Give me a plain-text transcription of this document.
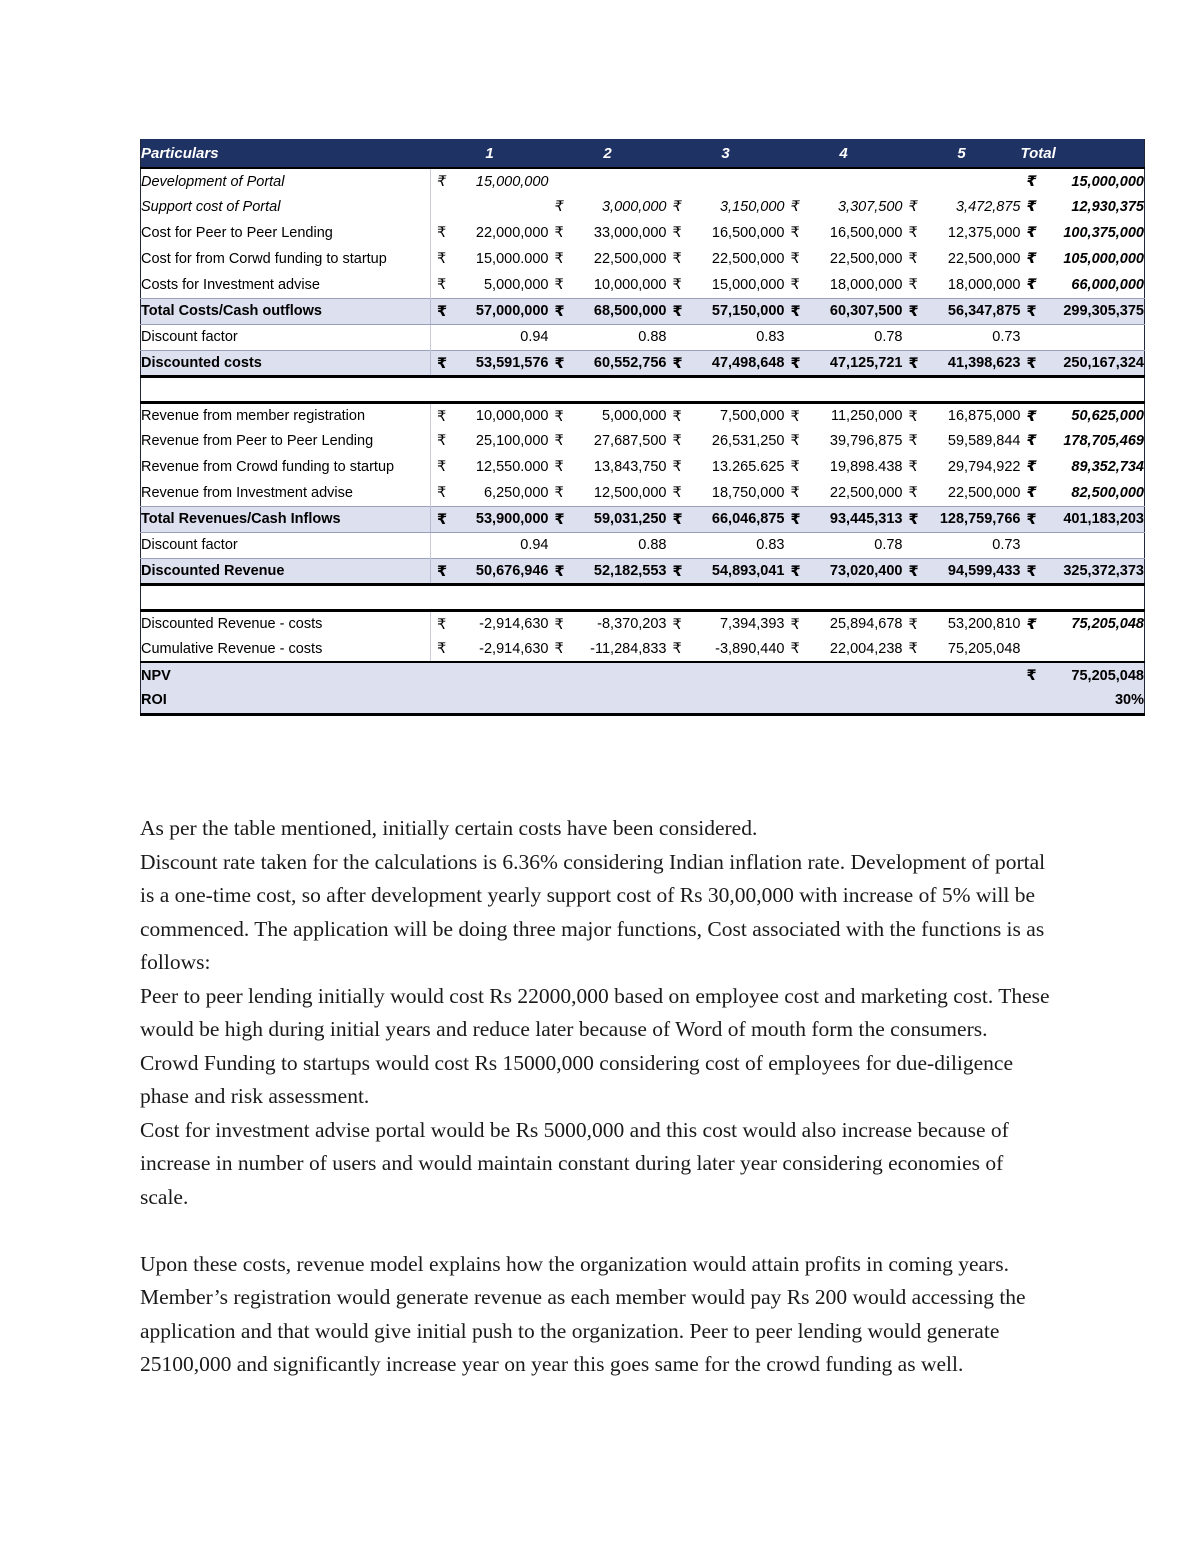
Particulars	1	2	3	4	5	Total
Development of Portal	₹ 15,000,000					₹ 15,000,000
Support cost of Portal		₹ 3,000,000	₹ 3,150,000	₹ 3,307,500	₹ 3,472,875	₹ 12,930,375
Cost for Peer to Peer Lending	₹ 22,000,000	₹ 33,000,000	₹ 16,500,000	₹ 16,500,000	₹ 12,375,000	₹ 100,375,000
Cost for from Corwd funding to startup	₹ 15,000.000	₹ 22,500,000	₹ 22,500,000	₹ 22,500,000	₹ 22,500,000	₹ 105,000,000
Costs for Investment advise	₹ 5,000,000	₹ 10,000,000	₹ 15,000,000	₹ 18,000,000	₹ 18,000,000	₹ 66,000,000
Total Costs/Cash outflows	₹ 57,000,000	₹ 68,500,000	₹ 57,150,000	₹ 60,307,500	₹ 56,347,875	₹ 299,305,375
Discount factor	0.94	0.88	0.83	0.78	0.73	
Discounted costs	₹ 53,591,576	₹ 60,552,756	₹ 47,498,648	₹ 47,125,721	₹ 41,398,623	₹ 250,167,324

Revenue from member registration	₹ 10,000,000	₹ 5,000,000	₹ 7,500,000	₹ 11,250,000	₹ 16,875,000	₹ 50,625,000
Revenue from Peer to Peer Lending	₹ 25,100,000	₹ 27,687,500	₹ 26,531,250	₹ 39,796,875	₹ 59,589,844	₹ 178,705,469
Revenue from Crowd funding to startup	₹ 12,550.000	₹ 13,843,750	₹ 13.265.625	₹ 19,898.438	₹ 29,794,922	₹ 89,352,734
Revenue from Investment advise	₹ 6,250,000	₹ 12,500,000	₹ 18,750,000	₹ 22,500,000	₹ 22,500,000	₹ 82,500,000
Total Revenues/Cash Inflows	₹ 53,900,000	₹ 59,031,250	₹ 66,046,875	₹ 93,445,313	₹ 128,759,766	₹ 401,183,203
Discount factor	0.94	0.88	0.83	0.78	0.73	
Discounted Revenue	₹ 50,676,946	₹ 52,182,553	₹ 54,893,041	₹ 73,020,400	₹ 94,599,433	₹ 325,372,373

Discounted Revenue - costs	₹ -2,914,630	₹ -8,370,203	₹ 7,394,393	₹ 25,894,678	₹ 53,200,810	₹ 75,205,048
Cumulative Revenue - costs	₹ -2,914,630	₹ -11,284,833	₹ -3,890,440	₹ 22,004,238	₹ 75,205,048	
NPV						₹ 75,205,048
ROI						30%

As per the table mentioned, initially certain costs have been considered.

Discount rate taken for the calculations is 6.36% considering Indian inflation rate. Development of portal is a one-time cost, so after development yearly support cost of Rs 30,00,000 with increase of 5% will be commenced. The application will be doing three major functions, Cost associated with the functions is as follows:

Peer to peer lending initially would cost Rs 22000,000 based on employee cost and marketing cost. These would be high during initial years and reduce later because of Word of mouth form the consumers.

Crowd Funding to startups would cost Rs 15000,000 considering cost of employees for due-diligence phase and risk assessment.

Cost for investment advise portal would be Rs 5000,000 and this cost would also increase because of increase in number of users and would maintain constant during later year considering economies of scale.

Upon these costs, revenue model explains how the organization would attain profits in coming years. Member’s registration would generate revenue as each member would pay Rs 200 would accessing the application and that would give initial push to the organization. Peer to peer lending would generate 25100,000 and significantly increase year on year this goes same for the crowd funding as well.
